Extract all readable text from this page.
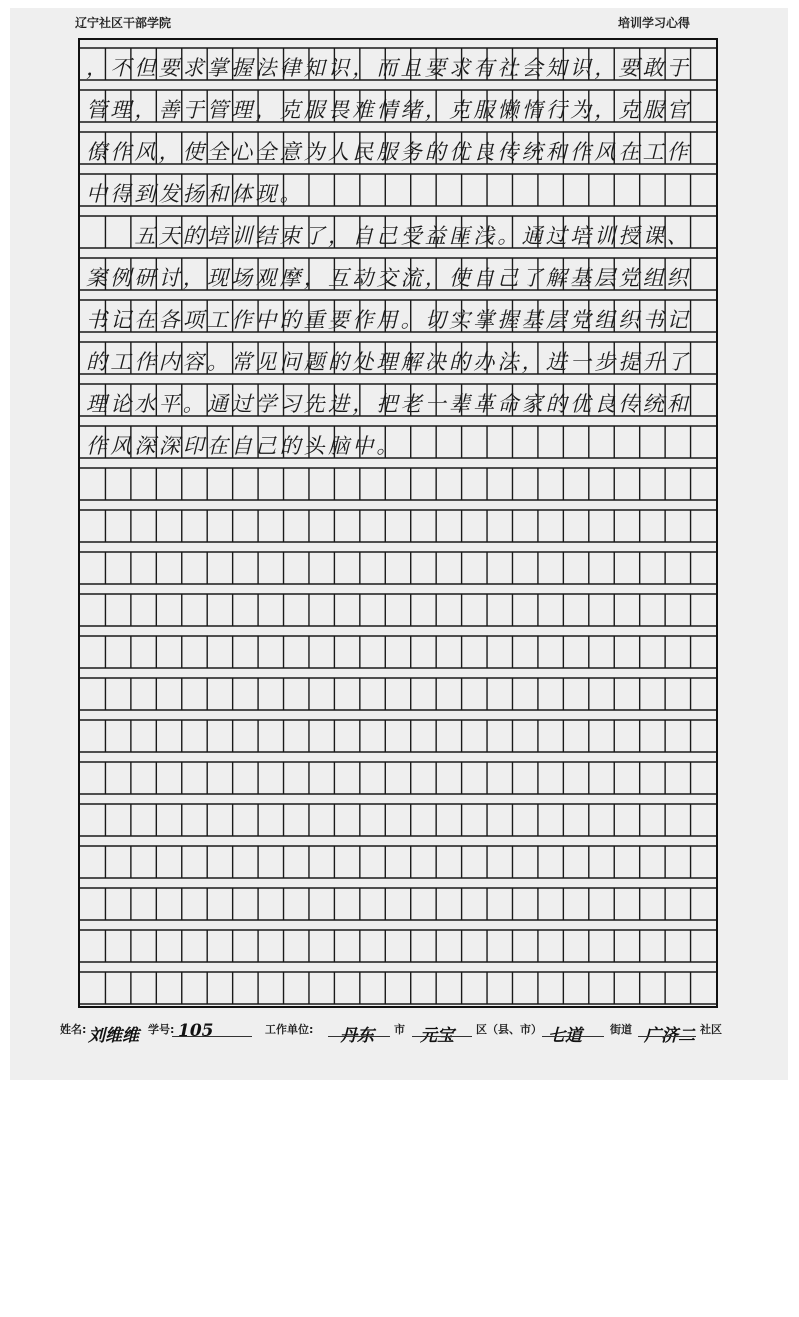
辽宁社区干部学院	培训学习心得
，不但要求掌握法律知识，而且要求有社会知识，要敢于
管理，善于管理，克服畏难情绪，克服懒惰行为，克服官
僚作风，使全心全意为人民服务的优良传统和作风在工作
中得到发扬和体现。
　　五天的培训结束了，自己受益匪浅。通过培训授课、
案例研讨，现场观摩，互动交流，使自己了解基层党组织
书记在各项工作中的重要作用。切实掌握基层党组织书记
的工作内容。常见问题的处理解决的办法，进一步提升了
理论水平。通过学习先进，把老一辈革命家的优良传统和
作风深深印在自己的头脑中。
姓名: 刘维维 学号: 105	工作单位: 丹东 市 元宝 区（县、市） 七道	街道 广济二 社区
